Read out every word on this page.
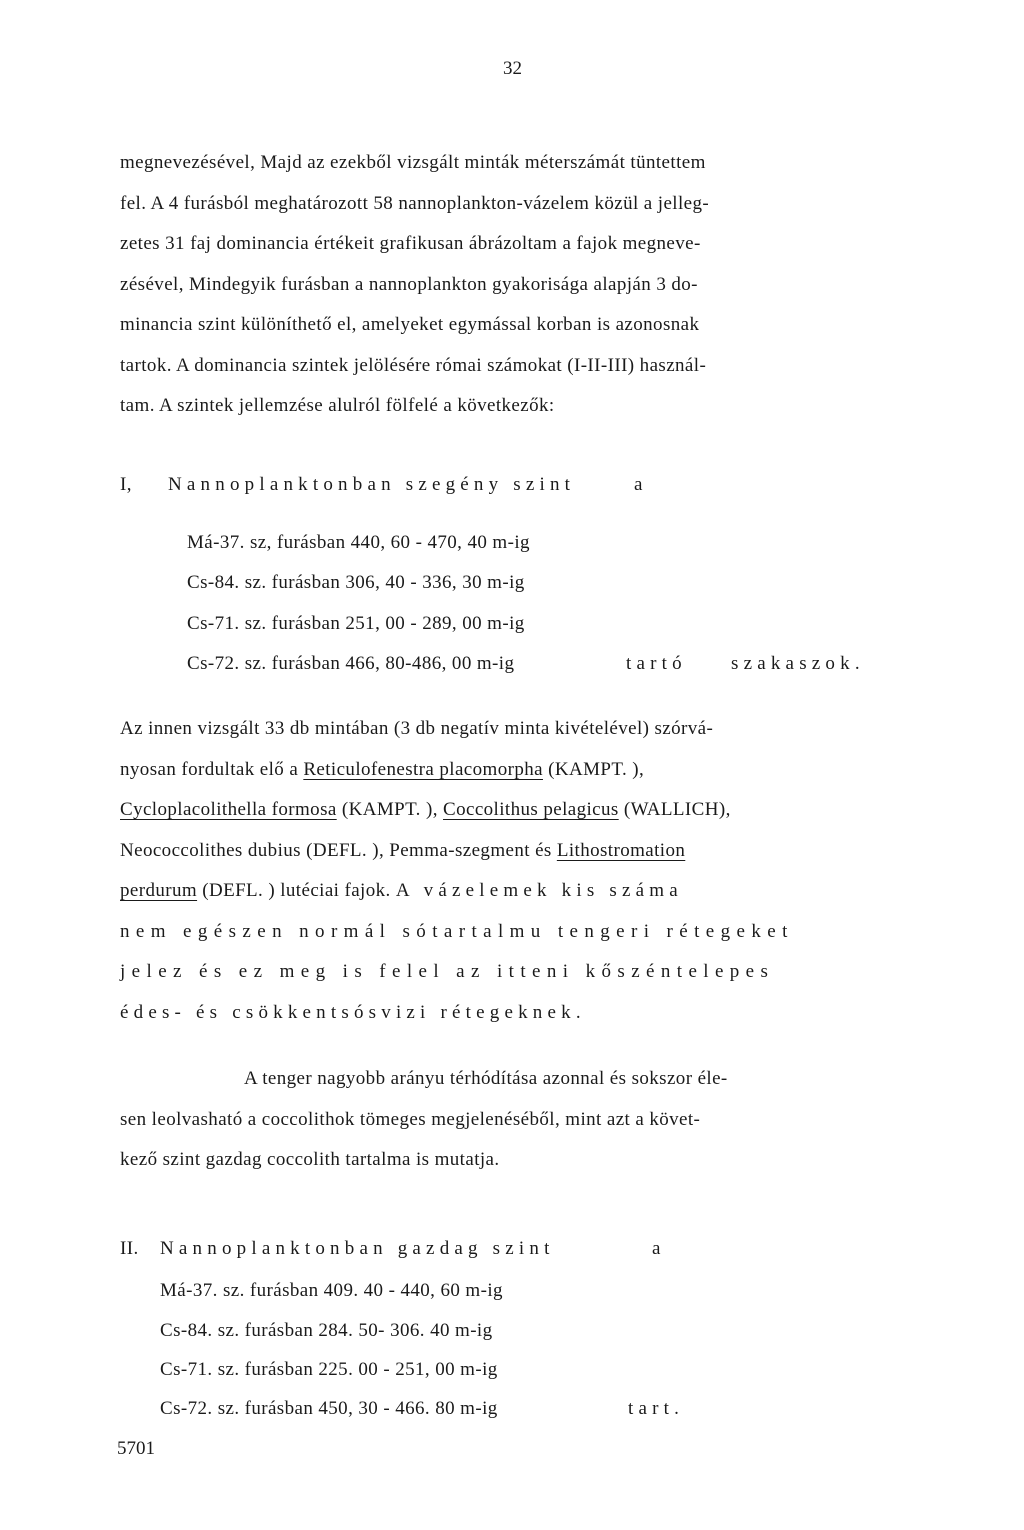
32
megnevezésével, Majd az ezekből vizsgált minták méterszámát tüntettem
fel. A 4 furásból meghatározott 58 nannoplankton-vázelem közül a jelleg-
zetes 31 faj dominancia értékeit grafikusan ábrázoltam a fajok megneve-
zésével, Mindegyik furásban a nannoplankton gyakorisága alapján 3 do-
minancia szint különíthető el, amelyeket egymással korban is azonosnak
tartok. A dominancia szintek jelölésére római számokat (I-II-III) használ-
tam. A szintek jellemzése alulról fölfelé a következők:
I, Nannoplanktonban szegény szint	a
Má-37. sz, furásban 440, 60 - 470, 40 m-ig
Cs-84. sz. furásban 306, 40 - 336, 30 m-ig
Cs-71. sz. furásban 251, 00 - 289, 00 m-ig
Cs-72. sz. furásban 466, 80-486, 00 m-ig	tartó szakaszok.
Az innen vizsgált 33 db mintában (3 db negatív minta kivételével) szórvá-
nyosan fordultak elő a Reticulofenestra placomorpha (KAMPT. ),
Cycloplacolithella formosa (KAMPT. ), Coccolithus pelagicus (WALLICH),
Neococcolithes dubius (DEFL. ), Pemma-szegment és Lithostromation
perdurum (DEFL. ) lutéciai fajok. A vázelemek kis száma
nem egészen normál sótartalmu tengeri rétegeket
jelez és ez meg is felel az itteni kőszéntelepes
édes- és csökkentsósvizi rétegeknek.
A tenger nagyobb arányu térhódítása azonnal és sokszor éle-
sen leolvasható a coccolithok tömeges megjelenéséből, mint azt a követ-
kező szint gazdag coccolith tartalma is mutatja.
II. Nannoplanktonban gazdag szint	a
Má-37. sz. furásban 409. 40 - 440, 60 m-ig
Cs-84. sz. furásban 284. 50- 306. 40 m-ig
Cs-71. sz. furásban 225. 00 - 251, 00 m-ig
Cs-72. sz. furásban 450, 30 - 466. 80 m-ig	tart.
5701
